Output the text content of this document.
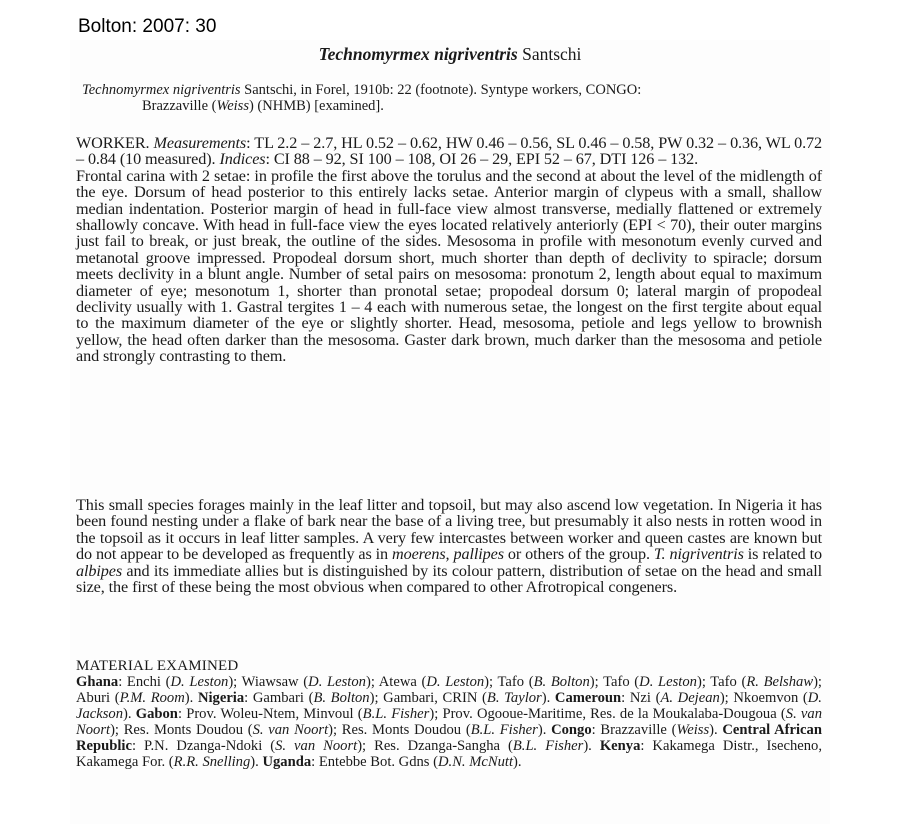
Bolton: 2007: 30
Technomyrmex nigriventris Santschi
Technomyrmex nigriventris Santschi, in Forel, 1910b: 22 (footnote). Syntype workers, CONGO:
Brazzaville (Weiss) (NHMB) [examined].

WORKER. Measurements: TL 2.2 – 2.7, HL 0.52 – 0.62, HW 0.46 – 0.56, SL 0.46 – 0.58, PW 0.32 – 0.36, WL 0.72 – 0.84 (10 measured). Indices: CI 88 – 92, SI 100 – 108, OI 26 – 29, EPI 52 – 67, DTI 126 – 132.

Frontal carina with 2 setae: in profile the first above the torulus and the second at about the level of the midlength of the eye. Dorsum of head posterior to this entirely lacks setae. Anterior margin of clypeus with a small, shallow median indentation. Posterior margin of head in full-face view almost transverse, medially flattened or extremely shallowly concave. With head in full-face view the eyes located relatively anteriorly (EPI < 70), their outer margins just fail to break, or just break, the outline of the sides. Mesosoma in profile with mesonotum evenly curved and metanotal groove impressed. Propodeal dorsum short, much shorter than depth of declivity to spiracle; dorsum meets declivity in a blunt angle. Number of setal pairs on mesosoma: pronotum 2, length about equal to maximum diameter of eye; mesonotum 1, shorter than pronotal setae; propodeal dorsum 0; lateral margin of propodeal declivity usually with 1. Gastral tergites 1 – 4 each with numerous setae, the longest on the first tergite about equal to the maximum diameter of the eye or slightly shorter. Head, mesosoma, petiole and legs yellow to brownish yellow, the head often darker than the mesosoma. Gaster dark brown, much darker than the mesosoma and petiole and strongly contrasting to them.

This small species forages mainly in the leaf litter and topsoil, but may also ascend low vegetation. In Nigeria it has been found nesting under a flake of bark near the base of a living tree, but presumably it also nests in rotten wood in the topsoil as it occurs in leaf litter samples. A very few intercastes between worker and queen castes are known but do not appear to be developed as frequently as in moerens, pallipes or others of the group. T. nigriventris is related to albipes and its immediate allies but is distinguished by its colour pattern, distribution of setae on the head and small size, the first of these being the most obvious when compared to other Afrotropical congeners.
MATERIAL EXAMINED
Ghana: Enchi (D. Leston); Wiawsaw (D. Leston); Atewa (D. Leston); Tafo (B. Bolton); Tafo (D. Leston); Tafo (R. Belshaw); Aburi (P.M. Room). Nigeria: Gambari (B. Bolton); Gambari, CRIN (B. Taylor). Cameroun: Nzi (A. Dejean); Nkoemvon (D. Jackson). Gabon: Prov. Woleu-Ntem, Minvoul (B.L. Fisher); Prov. Ogooue-Maritime, Res. de la Moukalaba-Dougoua (S. van Noort); Res. Monts Doudou (S. van Noort); Res. Monts Doudou (B.L. Fisher). Congo: Brazzaville (Weiss). Central African Republic: P.N. Dzanga-Ndoki (S. van Noort); Res. Dzanga-Sangha (B.L. Fisher). Kenya: Kakamega Distr., Isecheno, Kakamega For. (R.R. Snelling). Uganda: Entebbe Bot. Gdns (D.N. McNutt).
